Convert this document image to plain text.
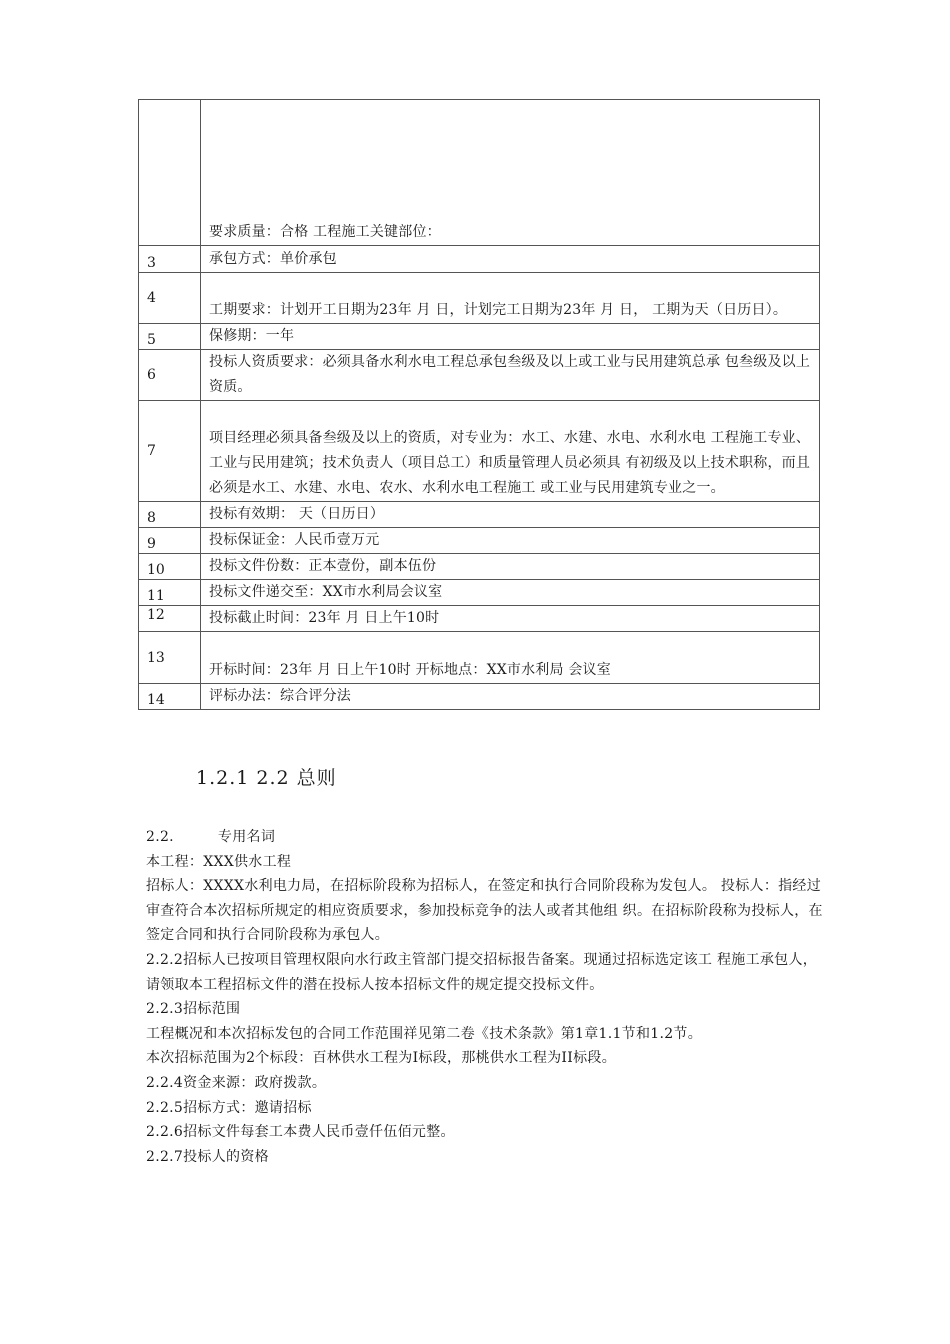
	要求质量：合格 工程施工关键部位：
3	承包方式：单价承包
4	工期要求：计划开工日期为23年 月 日，计划完工日期为23年 月 日， 工期为天（日历日）。
5	保修期：一年
6	投标人资质要求：必须具备水利水电工程总承包叁级及以上或工业与民用建筑总承 包叁级及以上资质。
7	项目经理必须具备叁级及以上的资质，对专业为：水工、水建、水电、水利水电 工程施工专业、工业与民用建筑；技术负责人（项目总工）和质量管理人员必须具 有初级及以上技术职称，而且必须是水工、水建、水电、农水、水利水电工程施工 或工业与民用建筑专业之一。
8	投标有效期： 天（日历日）
9	投标保证金：人民币壹万元
10	投标文件份数：正本壹份，副本伍份
11	投标文件递交至：XX市水利局会议室
12	投标截止时间：23年 月 日上午10时
13	开标时间：23年 月 日上午10时 开标地点：XX市水利局 会议室
14	评标办法：综合评分法
1.2.1 2.2 总则

2.2.	专用名词

本工程：XXX供水工程

招标人：XXXX水利电力局，在招标阶段称为招标人，在签定和执行合同阶段称为发包人。 投标人：指经过审查符合本次招标所规定的相应资质要求，参加投标竞争的法人或者其他组 织。在招标阶段称为投标人，在签定合同和执行合同阶段称为承包人。

2.2.2招标人已按项目管理权限向水行政主管部门提交招标报告备案。现通过招标选定该工 程施工承包人，请领取本工程招标文件的潜在投标人按本招标文件的规定提交投标文件。

2.2.3招标范围

工程概况和本次招标发包的合同工作范围祥见第二卷《技术条款》第1章1.1节和1.2节。

本次招标范围为2个标段：百林供水工程为I标段，那桃供水工程为II标段。

2.2.4资金来源：政府拨款。

2.2.5招标方式：邀请招标

2.2.6招标文件每套工本费人民币壹仟伍佰元整。

2.2.7投标人的资格
